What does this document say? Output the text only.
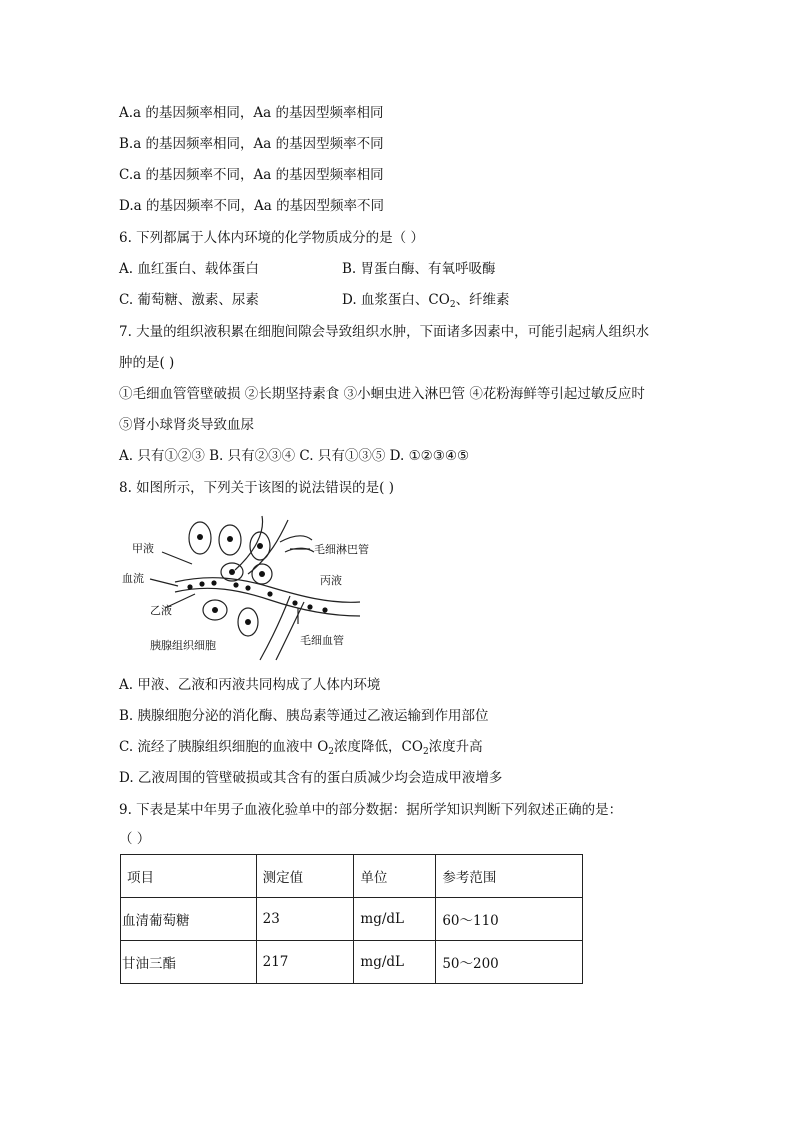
A.a 的基因频率相同，Aa 的基因型频率相同
B.a 的基因频率相同，Aa 的基因型频率不同
C.a 的基因频率不同，Aa 的基因型频率相同
D.a 的基因频率不同，Aa 的基因型频率不同
6. 下列都属于人体内环境的化学物质成分的是（ ）
A. 血红蛋白、载体蛋白	B. 胃蛋白酶、有氧呼吸酶
C. 葡萄糖、激素、尿素	D. 血浆蛋白、$CO_2$、纤维素
7. 大量的组织液积累在细胞间隙会导致组织水肿，下面诸多因素中，可能引起病人组织水
肿的是( )
①毛细血管管壁破损 ②长期坚持素食 ③小蛔虫进入淋巴管 ④花粉海鲜等引起过敏反应时
⑤肾小球肾炎导致血尿
A. 只有①②③ B. 只有②③④ C. 只有①③⑤ D. ①②③④⑤
8. 如图所示，下列关于该图的说法错误的是( )
甲液
血流
乙液
胰腺组织细胞
毛细淋巴管
丙液
毛细血管
A. 甲液、乙液和丙液共同构成了人体内环境
B. 胰腺细胞分泌的消化酶、胰岛素等通过乙液运输到作用部位
C. 流经了胰腺组织细胞的血液中 $O_2$浓度降低，$CO_2$浓度升高
D. 乙液周围的管壁破损或其含有的蛋白质减少均会造成甲液增多
9. 下表是某中年男子血液化验单中的部分数据：据所学知识判断下列叙述正确的是：
（ ）
项目	测定值	单位	参考范围
血清葡萄糖	23	mg/dL	60～110
甘油三酯	217	mg/dL	50～200
